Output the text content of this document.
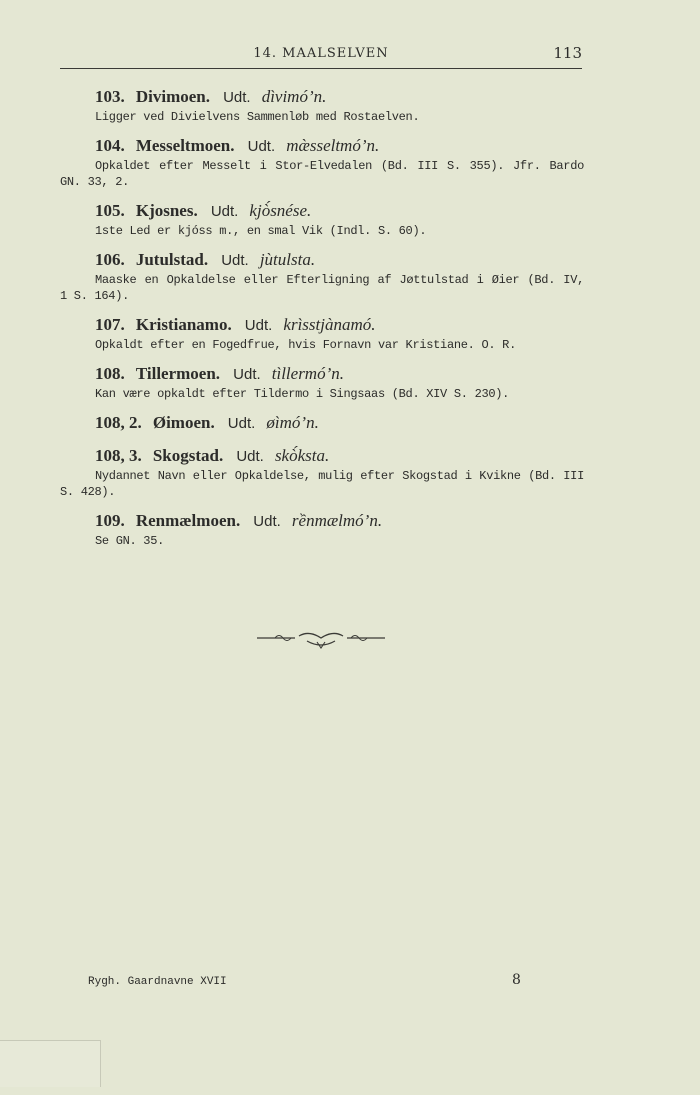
14. MAALSELVEN	113
103. Divimoen. Udt. dìvimó’n.
Ligger ved Divielvens Sammenløb med Rostaelven.
104. Messeltmoen. Udt. mæ̀sseltmó’n.
Opkaldet efter Messelt i Stor-Elvedalen (Bd. III S. 355). Jfr. Bardo GN. 33, 2.
105. Kjosnes. Udt. kjò́snése.
1ste Led er kjóss m., en smal Vik (Indl. S. 60).
106. Jutulstad. Udt. jùtulsta.
Maaske en Opkaldelse eller Efterligning af Jøttulstad i Øier (Bd. IV, 1 S. 164).
107. Kristianamo. Udt. krìsstjànamó.
Opkaldt efter en Fogedfrue, hvis Fornavn var Kristiane. O. R.
108. Tillermoen. Udt. tìllermó’n.
Kan være opkaldt efter Tildermo i Singsaas (Bd. XIV S. 230).
108, 2. Øimoen. Udt. øìmó’n.
108, 3. Skogstad. Udt. skò́ksta.
Nydannet Navn eller Opkaldelse, mulig efter Skogstad i Kvikne (Bd. III S. 428).
109. Renmælmoen. Udt. rềnmælmó’n.
Se GN. 35.
Rygh. Gaardnavne XVII	8
